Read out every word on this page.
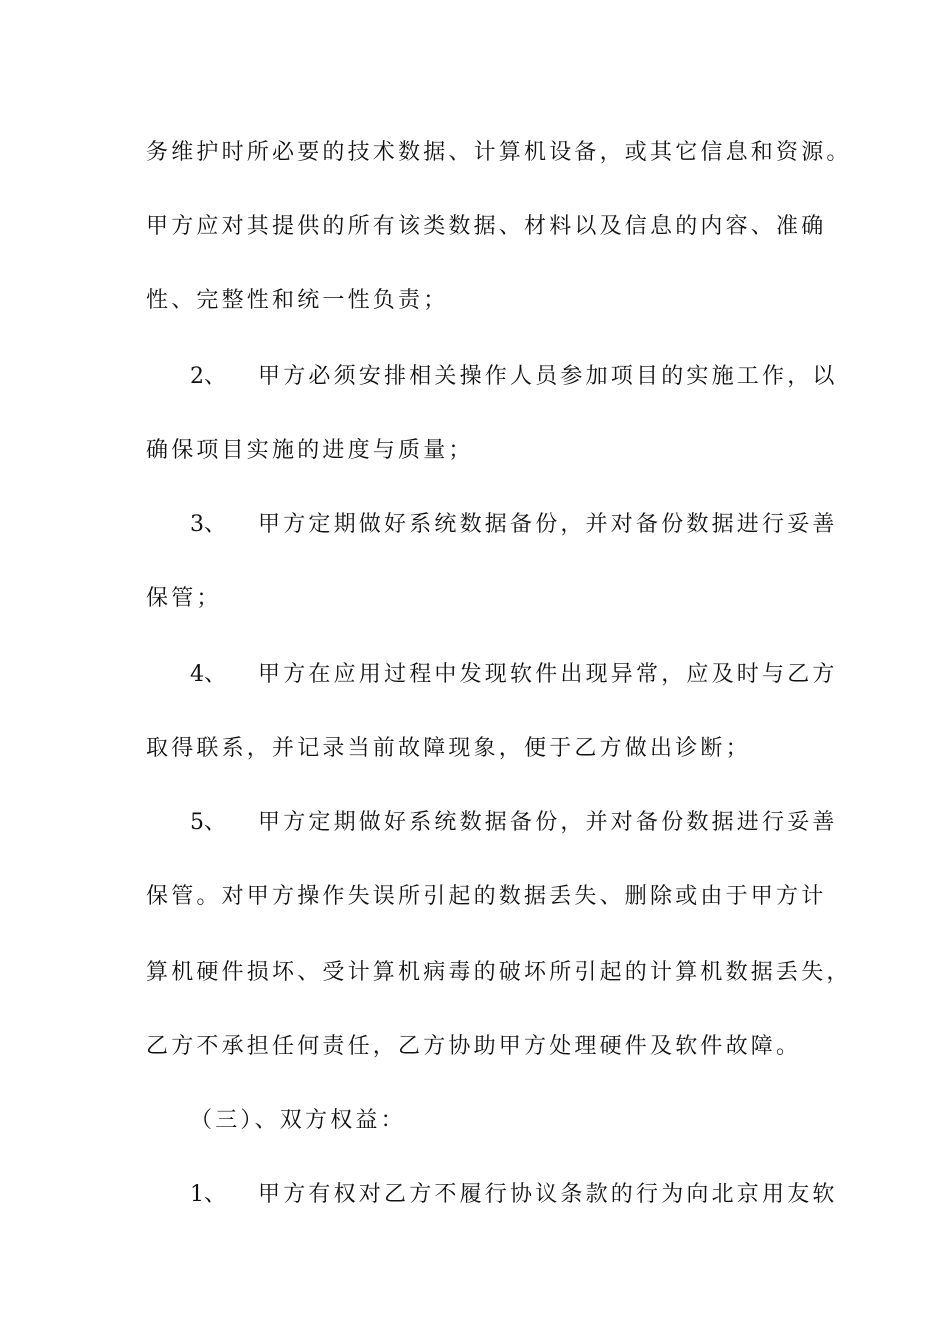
务维护时所必要的技术数据、计算机设备，或其它信息和资源。
甲方应对其提供的所有该类数据、材料以及信息的内容、准确
性、完整性和统一性负责；
2、 甲方必须安排相关操作人员参加项目的实施工作，以
确保项目实施的进度与质量；
3、 甲方定期做好系统数据备份，并对备份数据进行妥善
保管；
4、 甲方在应用过程中发现软件出现异常，应及时与乙方
取得联系，并记录当前故障现象，便于乙方做出诊断；
5、 甲方定期做好系统数据备份，并对备份数据进行妥善
保管。对甲方操作失误所引起的数据丢失、删除或由于甲方计
算机硬件损坏、受计算机病毒的破坏所引起的计算机数据丢失，
乙方不承担任何责任，乙方协助甲方处理硬件及软件故障。
（三）、双方权益：
1、 甲方有权对乙方不履行协议条款的行为向北京用友软
